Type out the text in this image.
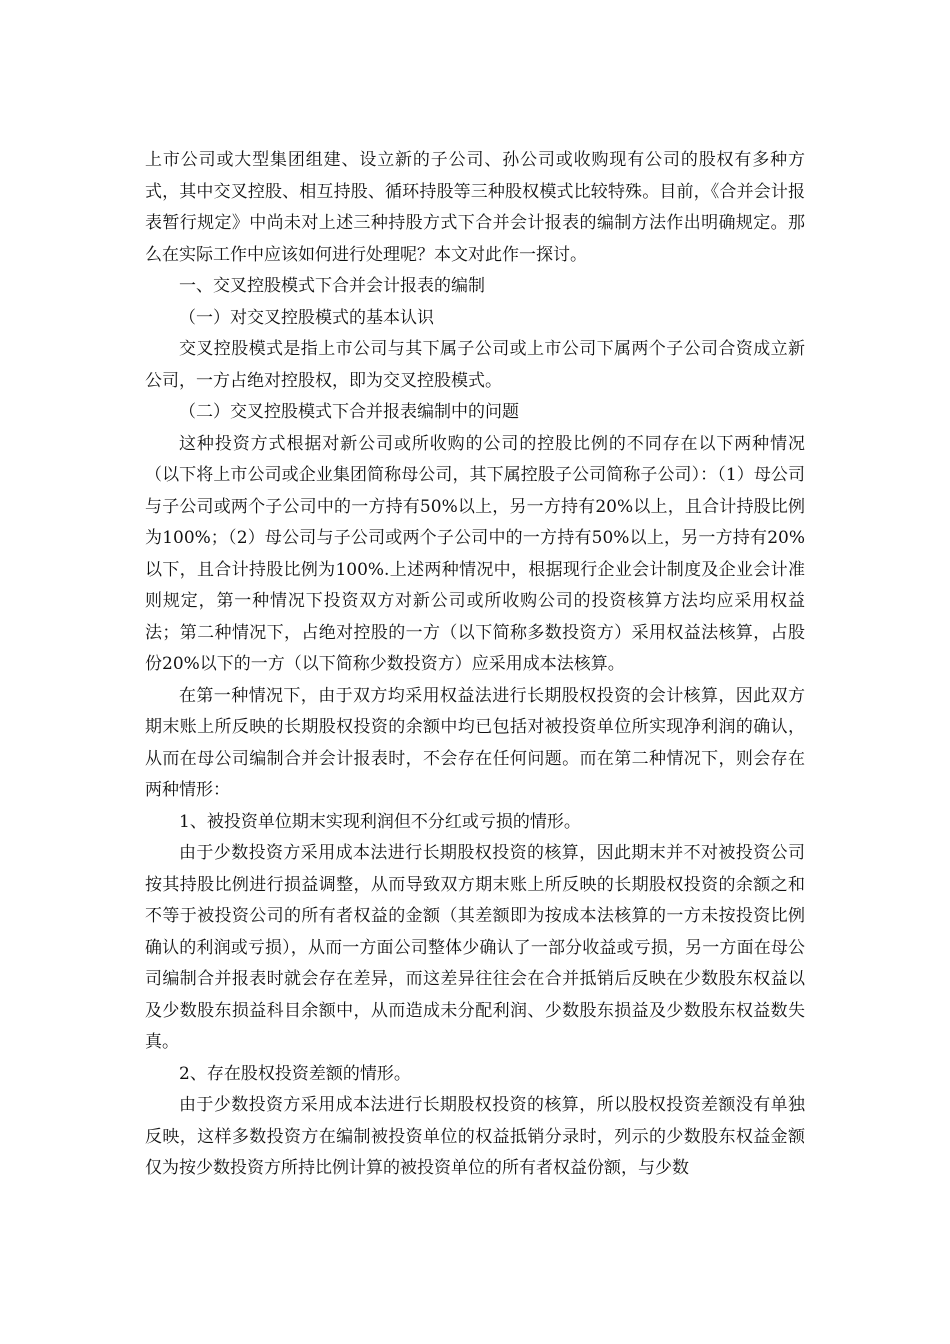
上市公司或大型集团组建、设立新的子公司、孙公司或收购现有公司的股权有多种方式，其中交叉控股、相互持股、循环持股等三种股权模式比较特殊。目前，《合并会计报表暂行规定》中尚未对上述三种持股方式下合并会计报表的编制方法作出明确规定。那么在实际工作中应该如何进行处理呢？本文对此作一探讨。

一、交叉控股模式下合并会计报表的编制

（一）对交叉控股模式的基本认识

交叉控股模式是指上市公司与其下属子公司或上市公司下属两个子公司合资成立新公司，一方占绝对控股权，即为交叉控股模式。

（二）交叉控股模式下合并报表编制中的问题

这种投资方式根据对新公司或所收购的公司的控股比例的不同存在以下两种情况（以下将上市公司或企业集团简称母公司，其下属控股子公司简称子公司）：（1）母公司与子公司或两个子公司中的一方持有50%以上，另一方持有20%以上，且合计持股比例为100%；（2）母公司与子公司或两个子公司中的一方持有50%以上，另一方持有20%以下，且合计持股比例为100%.上述两种情况中，根据现行企业会计制度及企业会计准则规定，第一种情况下投资双方对新公司或所收购公司的投资核算方法均应采用权益法；第二种情况下，占绝对控股的一方（以下简称多数投资方）采用权益法核算，占股份20%以下的一方（以下简称少数投资方）应采用成本法核算。

在第一种情况下，由于双方均采用权益法进行长期股权投资的会计核算，因此双方期末账上所反映的长期股权投资的余额中均已包括对被投资单位所实现净利润的确认，从而在母公司编制合并会计报表时，不会存在任何问题。而在第二种情况下，则会存在两种情形：

1、被投资单位期末实现利润但不分红或亏损的情形。

由于少数投资方采用成本法进行长期股权投资的核算，因此期末并不对被投资公司按其持股比例进行损益调整，从而导致双方期末账上所反映的长期股权投资的余额之和不等于被投资公司的所有者权益的金额（其差额即为按成本法核算的一方未按投资比例确认的利润或亏损），从而一方面公司整体少确认了一部分收益或亏损，另一方面在母公司编制合并报表时就会存在差异，而这差异往往会在合并抵销后反映在少数股东权益以及少数股东损益科目余额中，从而造成未分配利润、少数股东损益及少数股东权益数失真。

2、存在股权投资差额的情形。

由于少数投资方采用成本法进行长期股权投资的核算，所以股权投资差额没有单独反映，这样多数投资方在编制被投资单位的权益抵销分录时，列示的少数股东权益金额仅为按少数投资方所持比例计算的被投资单位的所有者权益份额，与少数
